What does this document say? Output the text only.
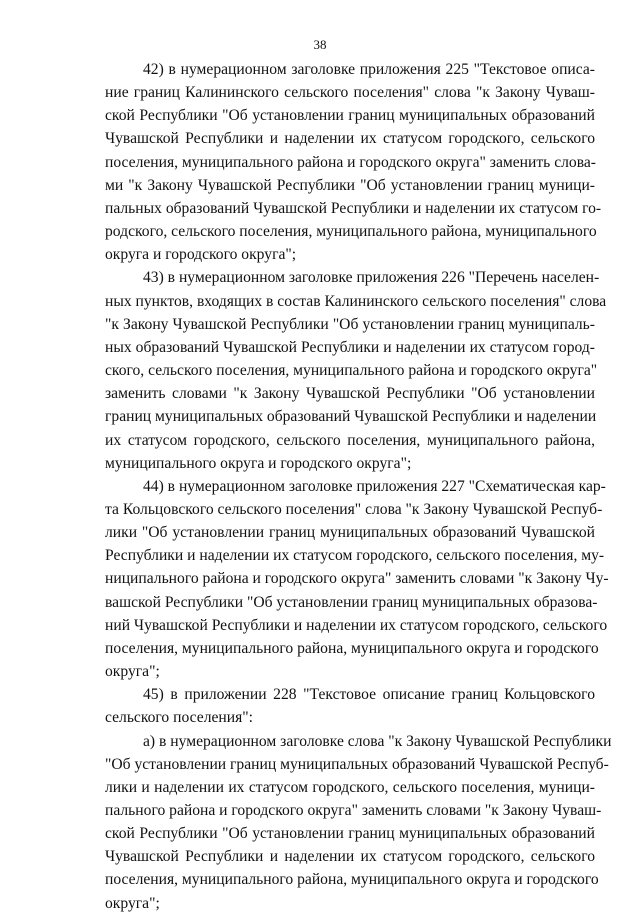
38

42) в нумерационном заголовке приложения 225 "Текстовое описа-
ние границ Калининского сельского поселения" слова "к Закону Чуваш-
ской Республики "Об установлении границ муниципальных образований
Чувашской Республики и наделении их статусом городского, сельского
поселения, муниципального района и городского округа" заменить слова-
ми "к Закону Чувашской Республики "Об установлении границ муници-
пальных образований Чувашской Республики и наделении их статусом го-
родского, сельского поселения, муниципального района, муниципального
округа и городского округа";

43) в нумерационном заголовке приложения 226 "Перечень населен-
ных пунктов, входящих в состав Калининского сельского поселения" слова
"к Закону Чувашской Республики "Об установлении границ муниципаль-
ных образований Чувашской Республики и наделении их статусом город-
ского, сельского поселения, муниципального района и городского округа"
заменить словами "к Закону Чувашской Республики "Об установлении
границ муниципальных образований Чувашской Республики и наделении
их статусом городского, сельского поселения, муниципального района,
муниципального округа и городского округа";

44) в нумерационном заголовке приложения 227 "Схематическая кар-
та Кольцовского сельского поселения" слова "к Закону Чувашской Респуб-
лики "Об установлении границ муниципальных образований Чувашской
Республики и наделении их статусом городского, сельского поселения, му-
ниципального района и городского округа" заменить словами "к Закону Чу-
вашской Республики "Об установлении границ муниципальных образова-
ний Чувашской Республики и наделении их статусом городского, сельского
поселения, муниципального района, муниципального округа и городского
округа";

45) в приложении 228 "Текстовое описание границ Кольцовского
сельского поселения":

а) в нумерационном заголовке слова "к Закону Чувашской Республики
"Об установлении границ муниципальных образований Чувашской Респуб-
лики и наделении их статусом городского, сельского поселения, муници-
пального района и городского округа" заменить словами "к Закону Чуваш-
ской Республики "Об установлении границ муниципальных образований
Чувашской Республики и наделении их статусом городского, сельского
поселения, муниципального района, муниципального округа и городского
округа";
